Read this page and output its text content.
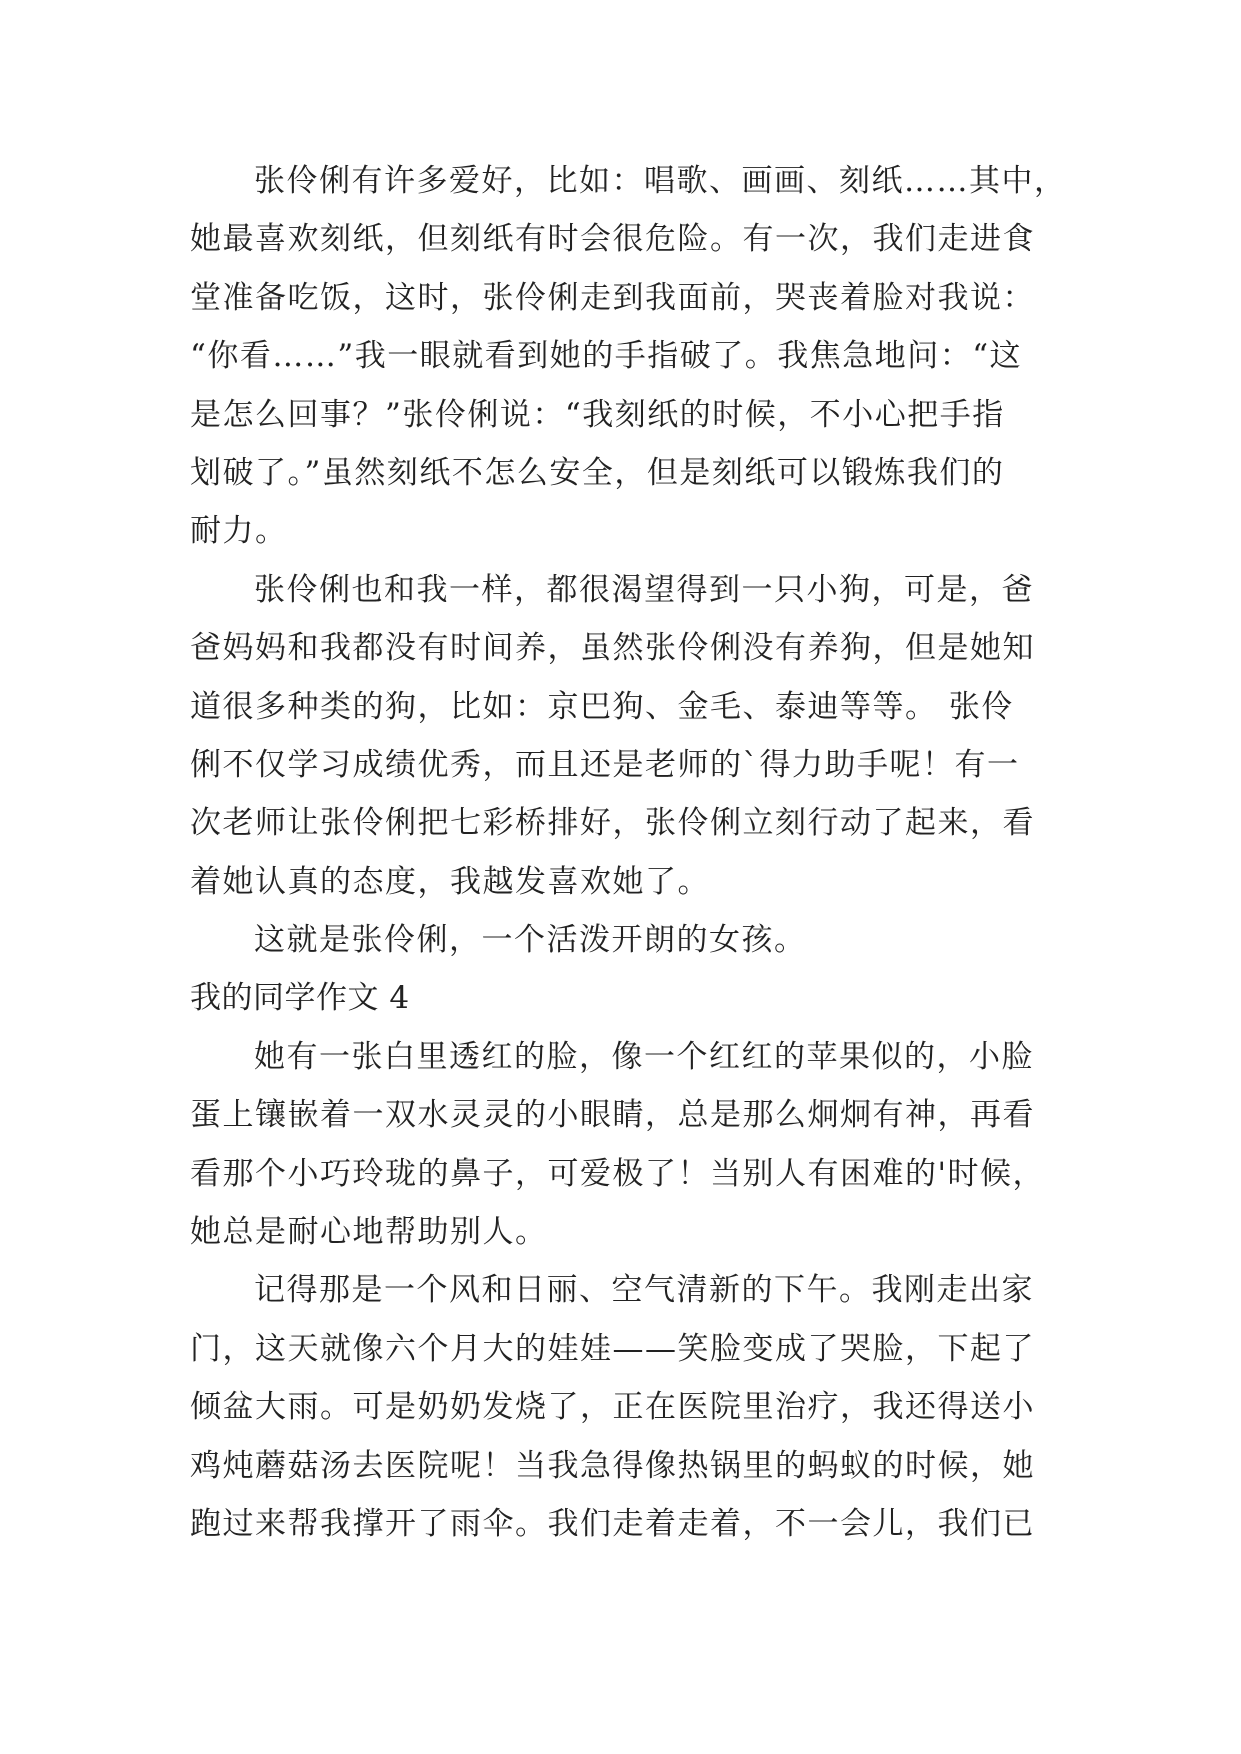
张伶俐有许多爱好，比如：唱歌、画画、刻纸……其中，
她最喜欢刻纸，但刻纸有时会很危险。有一次，我们走进食
堂准备吃饭，这时，张伶俐走到我面前，哭丧着脸对我说：
“你看……”我一眼就看到她的手指破了。我焦急地问：“这
是怎么回事？”张伶俐说：“我刻纸的时候，不小心把手指
划破了。”虽然刻纸不怎么安全，但是刻纸可以锻炼我们的
耐力。
张伶俐也和我一样，都很渴望得到一只小狗，可是，爸
爸妈妈和我都没有时间养，虽然张伶俐没有养狗，但是她知
道很多种类的狗，比如：京巴狗、金毛、泰迪等等。 张伶
俐不仅学习成绩优秀，而且还是老师的`得力助手呢！有一
次老师让张伶俐把七彩桥排好，张伶俐立刻行动了起来，看
着她认真的态度，我越发喜欢她了。
这就是张伶俐，一个活泼开朗的女孩。
我的同学作文 4
她有一张白里透红的脸，像一个红红的苹果似的，小脸
蛋上镶嵌着一双水灵灵的小眼睛，总是那么炯炯有神，再看
看那个小巧玲珑的鼻子，可爱极了！当别人有困难的'时候，
她总是耐心地帮助别人。
记得那是一个风和日丽、空气清新的下午。我刚走出家
门，这天就像六个月大的娃娃——笑脸变成了哭脸，下起了
倾盆大雨。可是奶奶发烧了，正在医院里治疗，我还得送小
鸡炖蘑菇汤去医院呢！当我急得像热锅里的蚂蚁的时候，她
跑过来帮我撑开了雨伞。我们走着走着，不一会儿，我们已
